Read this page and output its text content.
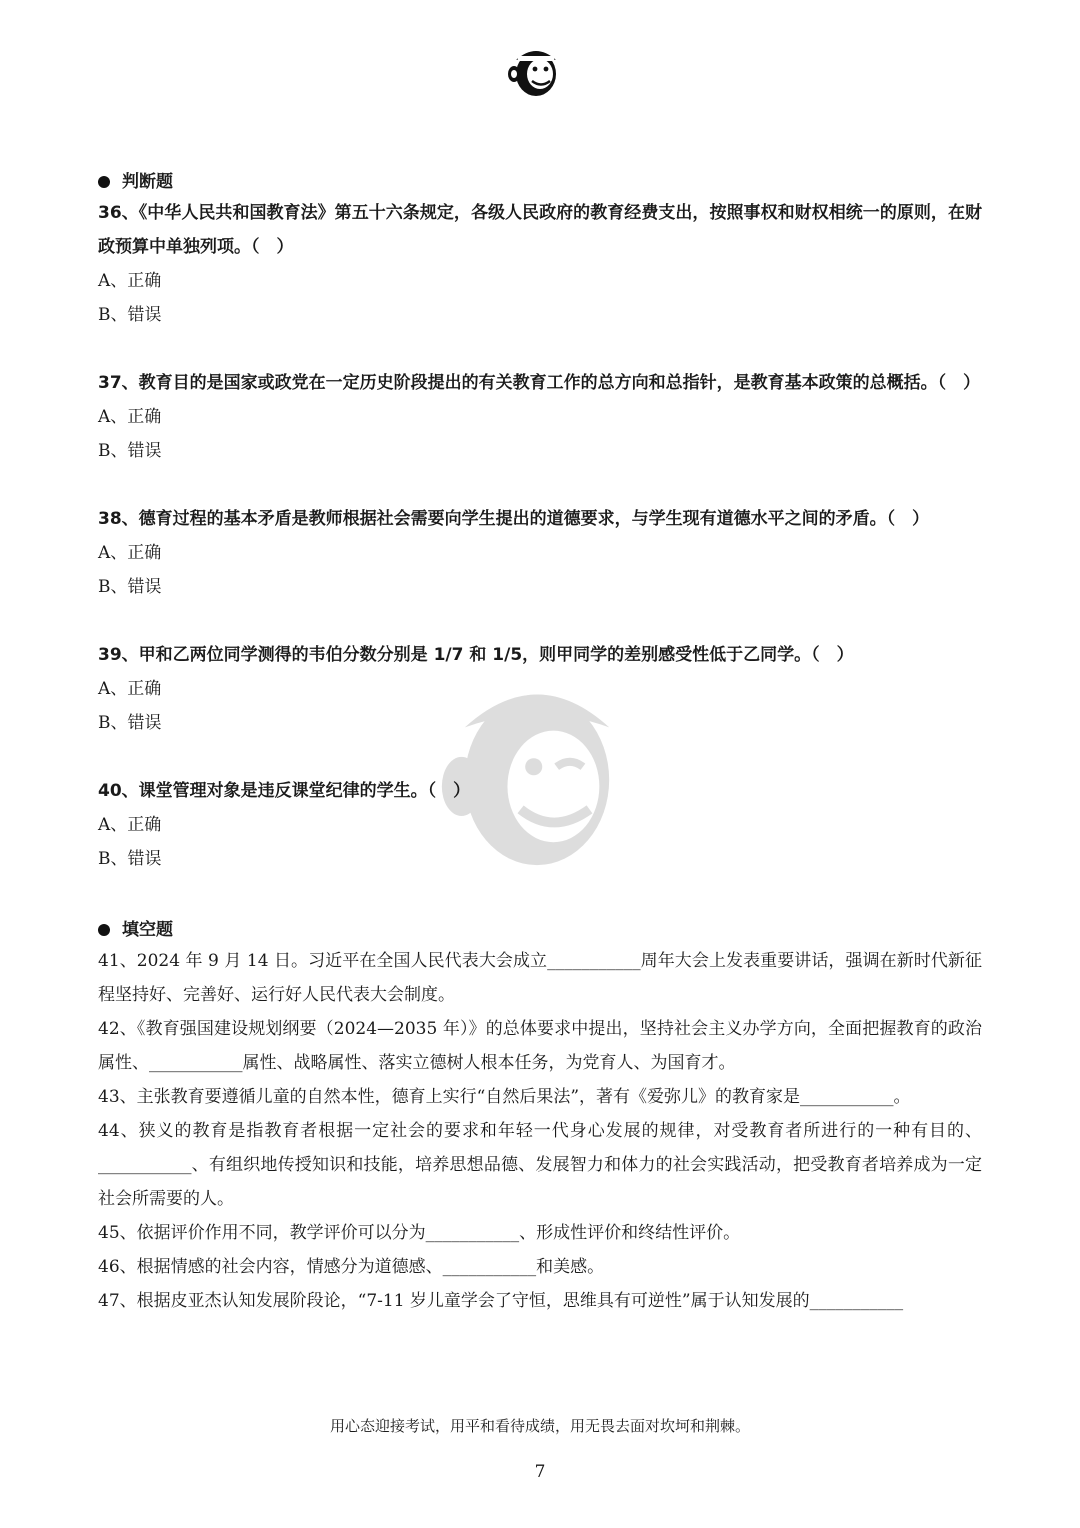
判断题

36、《中华人民共和国教育法》第五十六条规定，各级人民政府的教育经费支出，按照事权和财权相统一的原则，在财政预算中单独列项。（　）

A、正确

B、错误

37、教育目的是国家或政党在一定历史阶段提出的有关教育工作的总方向和总指针，是教育基本政策的总概括。（　）

A、正确

B、错误

38、德育过程的基本矛盾是教师根据社会需要向学生提出的道德要求，与学生现有道德水平之间的矛盾。（　）

A、正确

B、错误

39、甲和乙两位同学测得的韦伯分数分别是 1/7 和 1/5，则甲同学的差别感受性低于乙同学。（　）

A、正确

B、错误

40、课堂管理对象是违反课堂纪律的学生。（　）

A、正确

B、错误

填空题

41、2024 年 9 月 14 日。习近平在全国人民代表大会成立___________周年大会上发表重要讲话，强调在新时代新征程坚持好、完善好、运行好人民代表大会制度。

42、《教育强国建设规划纲要（2024—2035 年）》的总体要求中提出，坚持社会主义办学方向，全面把握教育的政治属性、___________属性、战略属性、落实立德树人根本任务，为党育人、为国育才。

43、主张教育要遵循儿童的自然本性，德育上实行“自然后果法”，著有《爱弥儿》的教育家是___________。

44、狭义的教育是指教育者根据一定社会的要求和年轻一代身心发展的规律，对受教育者所进行的一种有目的、___________、有组织地传授知识和技能，培养思想品德、发展智力和体力的社会实践活动，把受教育者培养成为一定社会所需要的人。

45、依据评价作用不同，教学评价可以分为___________、形成性评价和终结性评价。

46、根据情感的社会内容，情感分为道德感、___________和美感。

47、根据皮亚杰认知发展阶段论，“7-11 岁儿童学会了守恒，思维具有可逆性”属于认知发展的___________

用心态迎接考试，用平和看待成绩，用无畏去面对坎坷和荆棘。
7
